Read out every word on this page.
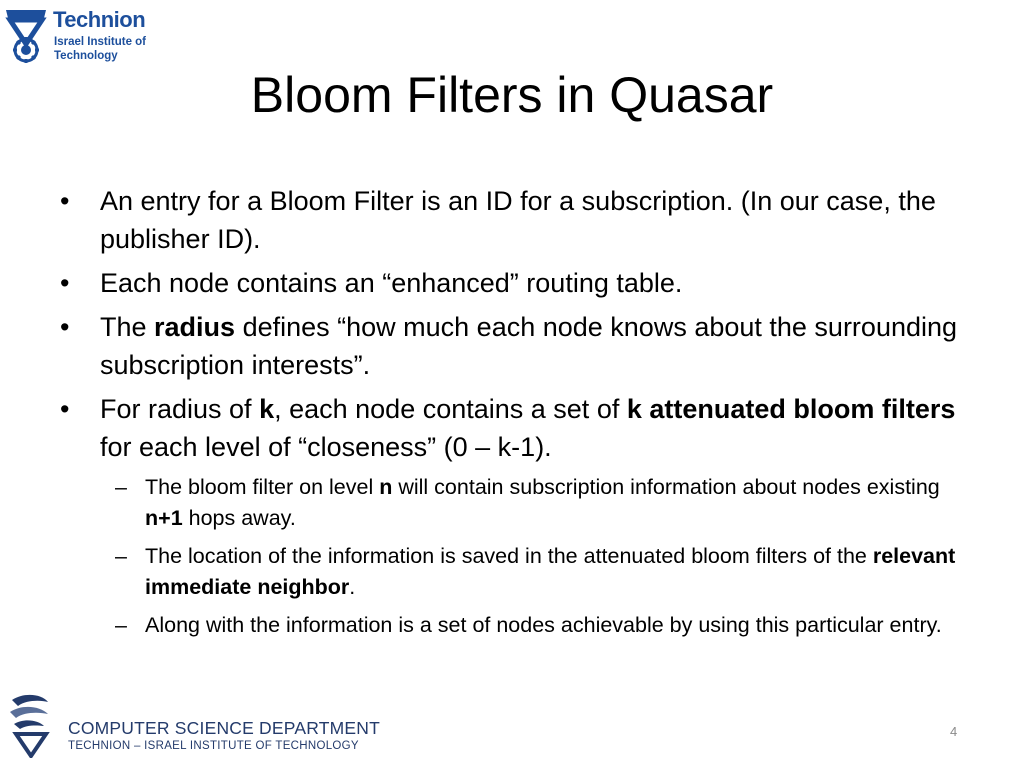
Technion
Israel Institute of
Technology
Bloom Filters in Quasar
• An entry for a Bloom Filter is an ID for a subscription. (In our case, the publisher ID).
• Each node contains an “enhanced” routing table.
• The radius defines “how much each node knows about the surrounding subscription interests”.
• For radius of k, each node contains a set of k attenuated bloom filters for each level of “closeness” (0 – k-1).
– The bloom filter on level n will contain subscription information about nodes existing n+1 hops away.
– The location of the information is saved in the attenuated bloom filters of the relevant immediate neighbor.
– Along with the information is a set of nodes achievable by using this particular entry.
COMPUTER SCIENCE DEPARTMENT
TECHNION – ISRAEL INSTITUTE OF TECHNOLOGY
4
